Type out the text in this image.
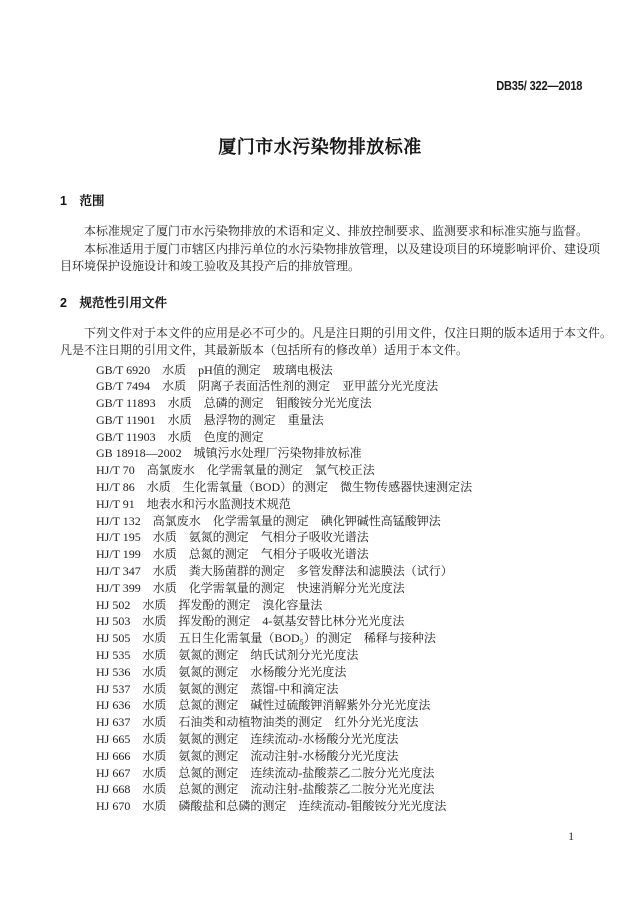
DB35/ 322—2018
厦门市水污染物排放标准
1　范围
本标准规定了厦门市水污染物排放的术语和定义、排放控制要求、监测要求和标准实施与监督。
本标准适用于厦门市辖区内排污单位的水污染物排放管理，以及建设项目的环境影响评价、建设项
目环境保护设施设计和竣工验收及其投产后的排放管理。
2　规范性引用文件
下列文件对于本文件的应用是必不可少的。凡是注日期的引用文件，仅注日期的版本适用于本文件。
凡是不注日期的引用文件，其最新版本（包括所有的修改单）适用于本文件。
GB/T 6920　水质　pH值的测定　玻璃电极法
GB/T 7494　水质　阴离子表面活性剂的测定　亚甲蓝分光光度法
GB/T 11893　水质　总磷的测定　钼酸铵分光光度法
GB/T 11901　水质　悬浮物的测定　重量法
GB/T 11903　水质　色度的测定
GB 18918—2002　城镇污水处理厂污染物排放标准
HJ/T 70　高氯废水　化学需氧量的测定　氯气校正法
HJ/T 86　水质　生化需氧量（BOD）的测定　微生物传感器快速测定法
HJ/T 91　地表水和污水监测技术规范
HJ/T 132　高氯废水　化学需氧量的测定　碘化钾碱性高锰酸钾法
HJ/T 195　水质　氨氮的测定　气相分子吸收光谱法
HJ/T 199　水质　总氮的测定　气相分子吸收光谱法
HJ/T 347　水质　粪大肠菌群的测定　多管发酵法和滤膜法（试行）
HJ/T 399　水质　化学需氧量的测定　快速消解分光光度法
HJ 502　水质　挥发酚的测定　溴化容量法
HJ 503　水质　挥发酚的测定　4-氨基安替比林分光光度法
HJ 505　水质　五日生化需氧量（BOD₅）的测定　稀释与接种法
HJ 535　水质　氨氮的测定　纳氏试剂分光光度法
HJ 536　水质　氨氮的测定　水杨酸分光光度法
HJ 537　水质　氨氮的测定　蒸馏-中和滴定法
HJ 636　水质　总氮的测定　碱性过硫酸钾消解紫外分光光度法
HJ 637　水质　石油类和动植物油类的测定　红外分光光度法
HJ 665　水质　氨氮的测定　连续流动-水杨酸分光光度法
HJ 666　水质　氨氮的测定　流动注射-水杨酸分光光度法
HJ 667　水质　总氮的测定　连续流动-盐酸萘乙二胺分光光度法
HJ 668　水质　总氮的测定　流动注射-盐酸萘乙二胺分光光度法
HJ 670　水质　磷酸盐和总磷的测定　连续流动-钼酸铵分光光度法
1
